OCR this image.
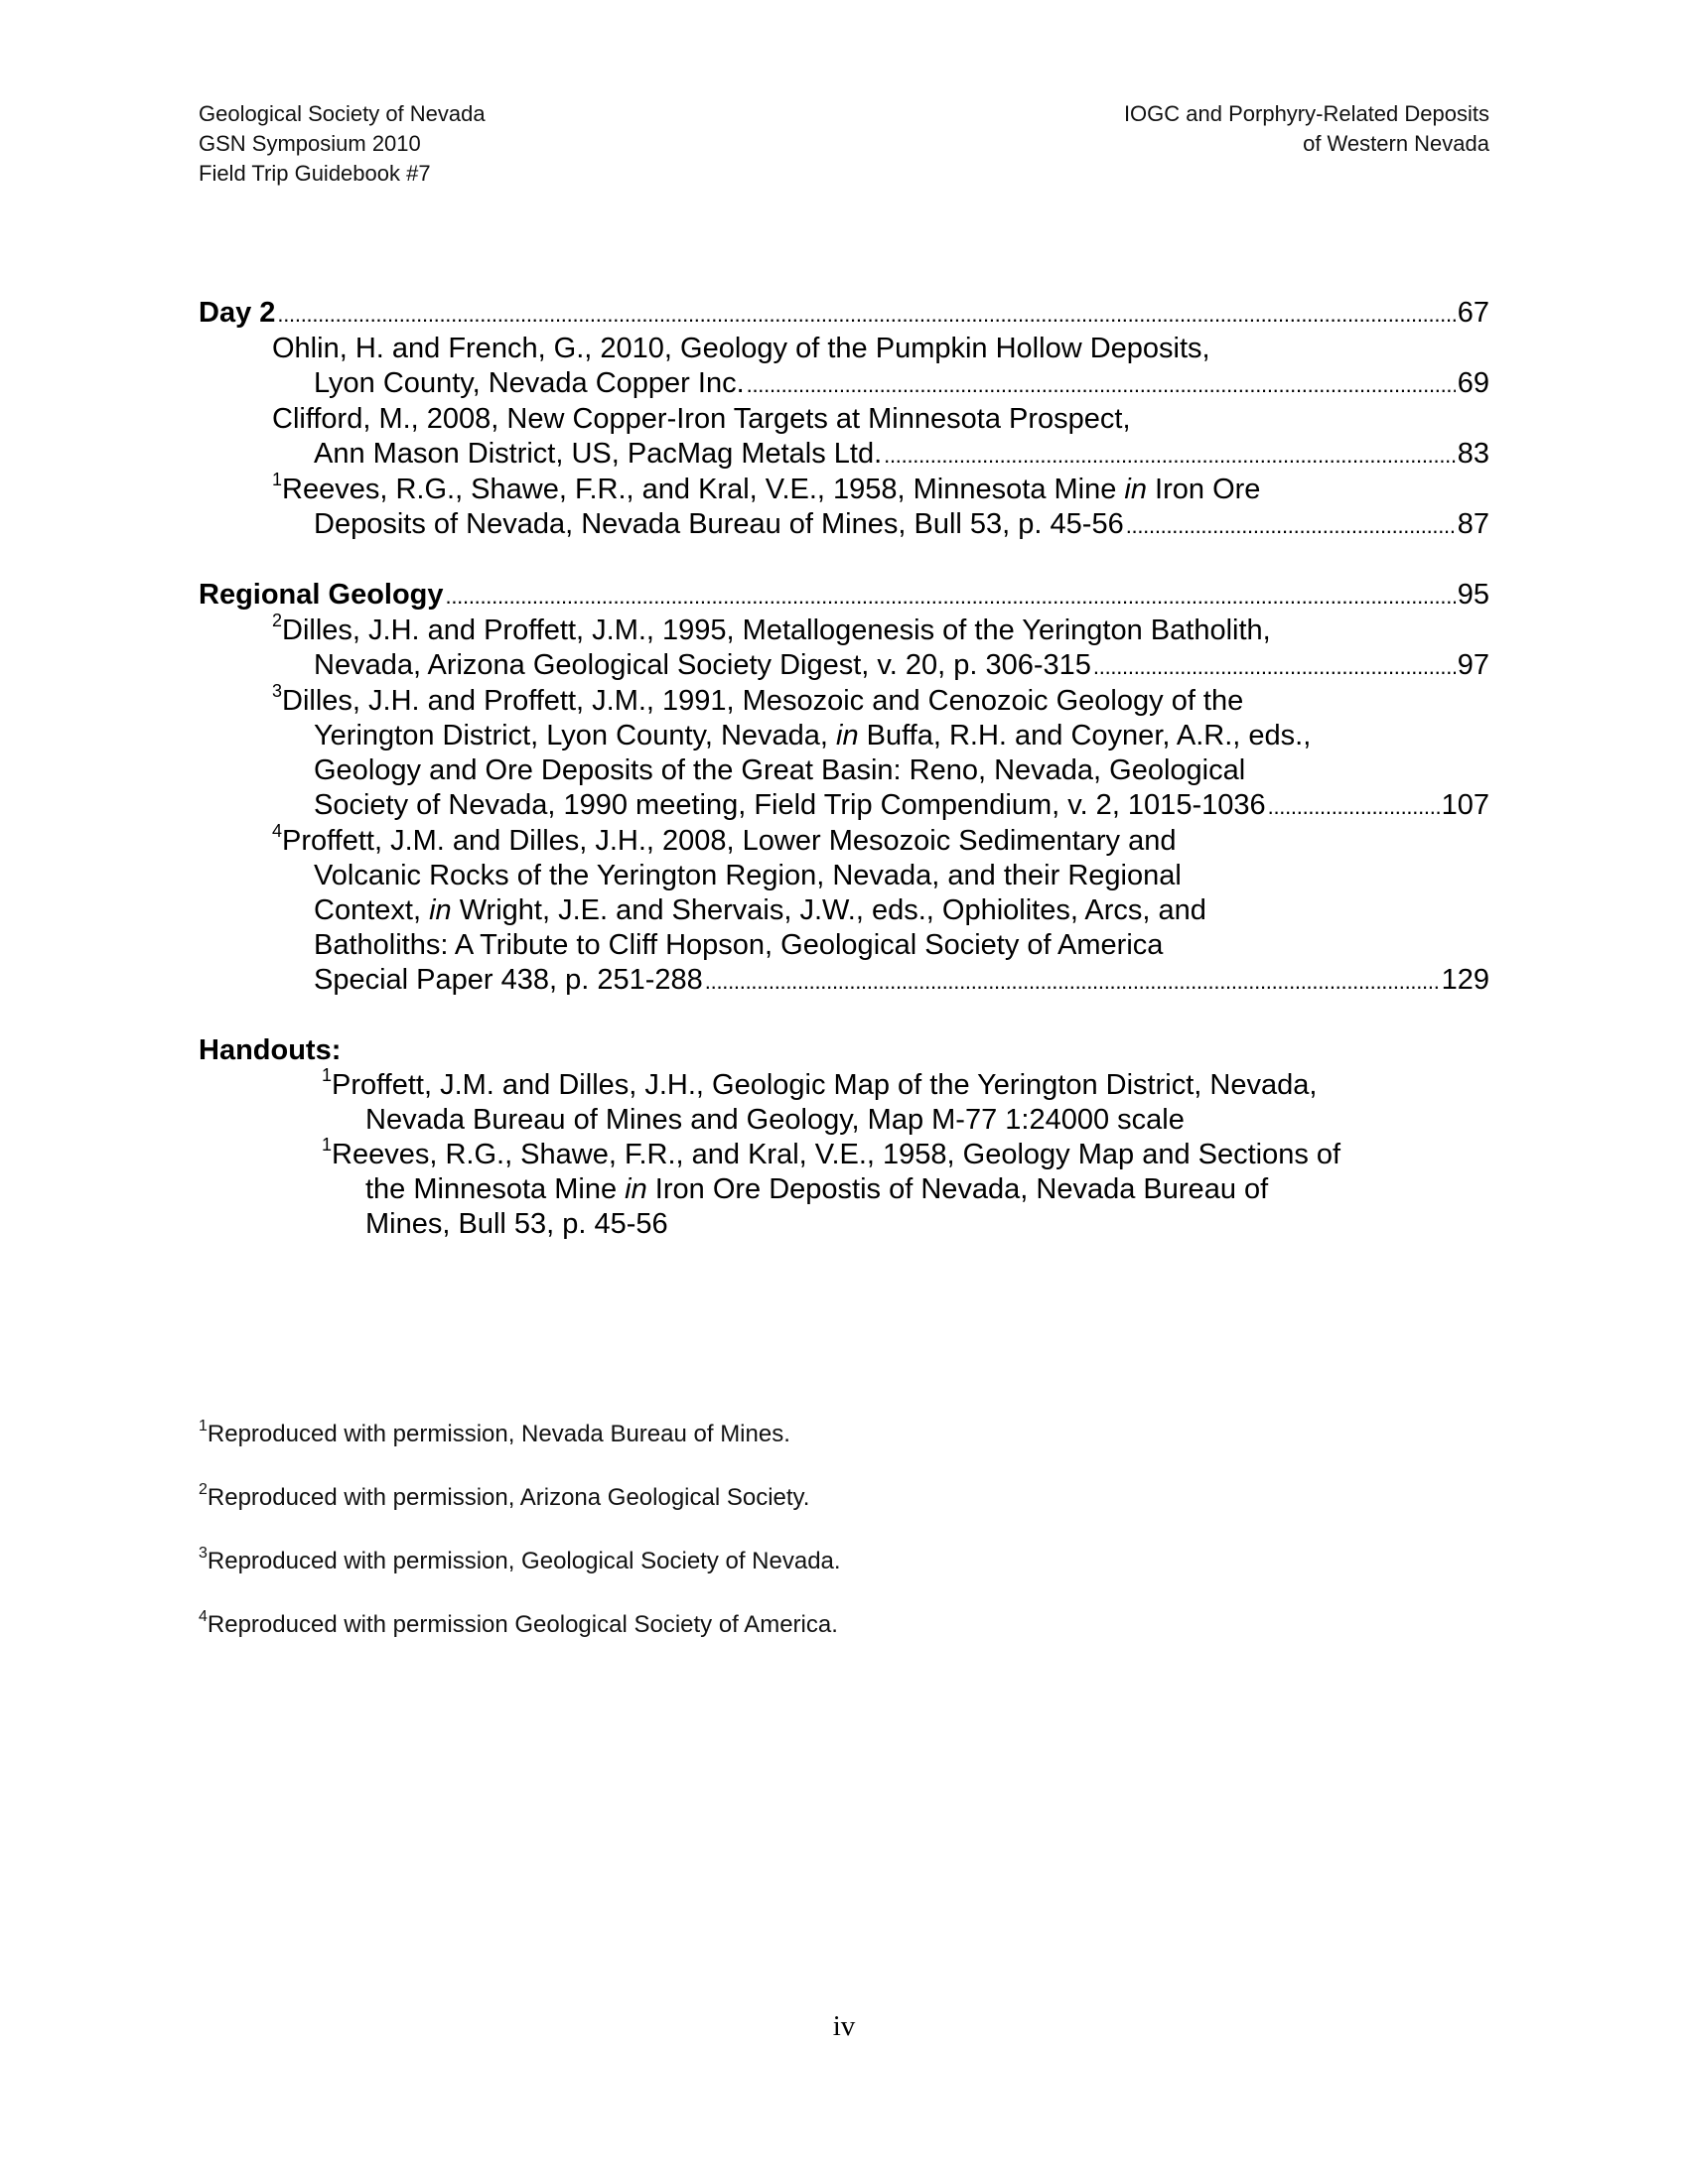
Geological Society of Nevada
GSN Symposium 2010
Field Trip Guidebook #7
IOGC and Porphyry-Related Deposits
of Western Nevada
Day 2 . . .	67
Ohlin, H. and French, G., 2010, Geology of the Pumpkin Hollow Deposits,
Lyon County, Nevada Copper Inc. . . .	69
Clifford, M., 2008, New Copper-Iron Targets at Minnesota Prospect,
Ann Mason District, US, PacMag Metals Ltd. . . .	83
$^1$Reeves, R.G., Shawe, F.R., and Kral, V.E., 1958, Minnesota Mine in Iron Ore
Deposits of Nevada, Nevada Bureau of Mines, Bull 53, p. 45-56 . . .	87
Regional Geology . . .	95
$^2$Dilles, J.H. and Proffett, J.M., 1995, Metallogenesis of the Yerington Batholith,
Nevada, Arizona Geological Society Digest, v. 20, p. 306-315 . . .	97
$^3$Dilles, J.H. and Proffett, J.M., 1991, Mesozoic and Cenozoic Geology of the
Yerington District, Lyon County, Nevada, in Buffa, R.H. and Coyner, A.R., eds.,
Geology and Ore Deposits of the Great Basin: Reno, Nevada, Geological
Society of Nevada, 1990 meeting, Field Trip Compendium, v. 2, 1015-1036 . . .	107
$^4$Proffett, J.M. and Dilles, J.H., 2008, Lower Mesozoic Sedimentary and
Volcanic Rocks of the Yerington Region, Nevada, and their Regional
Context, in Wright, J.E. and Shervais, J.W., eds., Ophiolites, Arcs, and
Batholiths: A Tribute to Cliff Hopson, Geological Society of America
Special Paper 438, p. 251-288 . . .	129
Handouts:
$^1$Proffett, J.M. and Dilles, J.H., Geologic Map of the Yerington District, Nevada,
Nevada Bureau of Mines and Geology, Map M-77 1:24000 scale
$^1$Reeves, R.G., Shawe, F.R., and Kral, V.E., 1958, Geology Map and Sections of
the Minnesota Mine in Iron Ore Depostis of Nevada, Nevada Bureau of
Mines, Bull 53, p. 45-56
$^1$Reproduced with permission, Nevada Bureau of Mines.
$^2$Reproduced with permission, Arizona Geological Society.
$^3$Reproduced with permission, Geological Society of Nevada.
$^4$Reproduced with permission Geological Society of America.
iv
